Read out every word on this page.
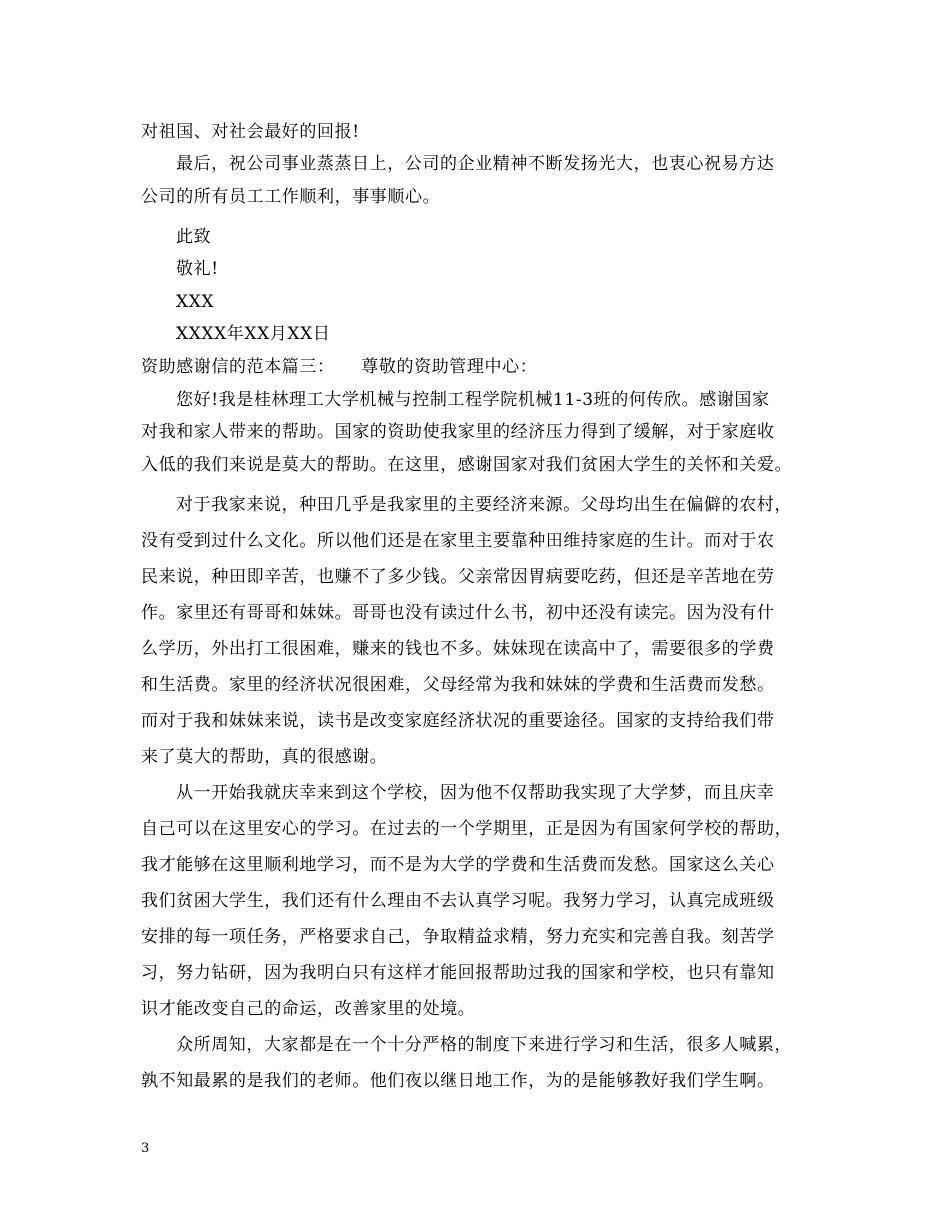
对祖国、对社会最好的回报!
最后，祝公司事业蒸蒸日上，公司的企业精神不断发扬光大，也衷心祝易方达
公司的所有员工工作顺利，事事顺心。
此致
敬礼!
XXX
XXXX年XX月XX日
资助感谢信的范本篇三：　　尊敬的资助管理中心：
您好!我是桂林理工大学机械与控制工程学院机械11-3班的何传欣。感谢国家
对我和家人带来的帮助。国家的资助使我家里的经济压力得到了缓解，对于家庭收
入低的我们来说是莫大的帮助。在这里，感谢国家对我们贫困大学生的关怀和关爱。
对于我家来说，种田几乎是我家里的主要经济来源。父母均出生在偏僻的农村，
没有受到过什么文化。所以他们还是在家里主要靠种田维持家庭的生计。而对于农
民来说，种田即辛苦，也赚不了多少钱。父亲常因胃病要吃药，但还是辛苦地在劳
作。家里还有哥哥和妹妹。哥哥也没有读过什么书，初中还没有读完。因为没有什
么学历，外出打工很困难，赚来的钱也不多。妹妹现在读高中了，需要很多的学费
和生活费。家里的经济状况很困难，父母经常为我和妹妹的学费和生活费而发愁。
而对于我和妹妹来说，读书是改变家庭经济状况的重要途径。国家的支持给我们带
来了莫大的帮助，真的很感谢。
从一开始我就庆幸来到这个学校，因为他不仅帮助我实现了大学梦，而且庆幸
自己可以在这里安心的学习。在过去的一个学期里，正是因为有国家何学校的帮助，
我才能够在这里顺利地学习，而不是为大学的学费和生活费而发愁。国家这么关心
我们贫困大学生，我们还有什么理由不去认真学习呢。我努力学习，认真完成班级
安排的每一项任务，严格要求自己，争取精益求精，努力充实和完善自我。刻苦学
习，努力钻研，因为我明白只有这样才能回报帮助过我的国家和学校，也只有靠知
识才能改变自己的命运，改善家里的处境。
众所周知，大家都是在一个十分严格的制度下来进行学习和生活，很多人喊累，
孰不知最累的是我们的老师。他们夜以继日地工作，为的是能够教好我们学生啊。
3
